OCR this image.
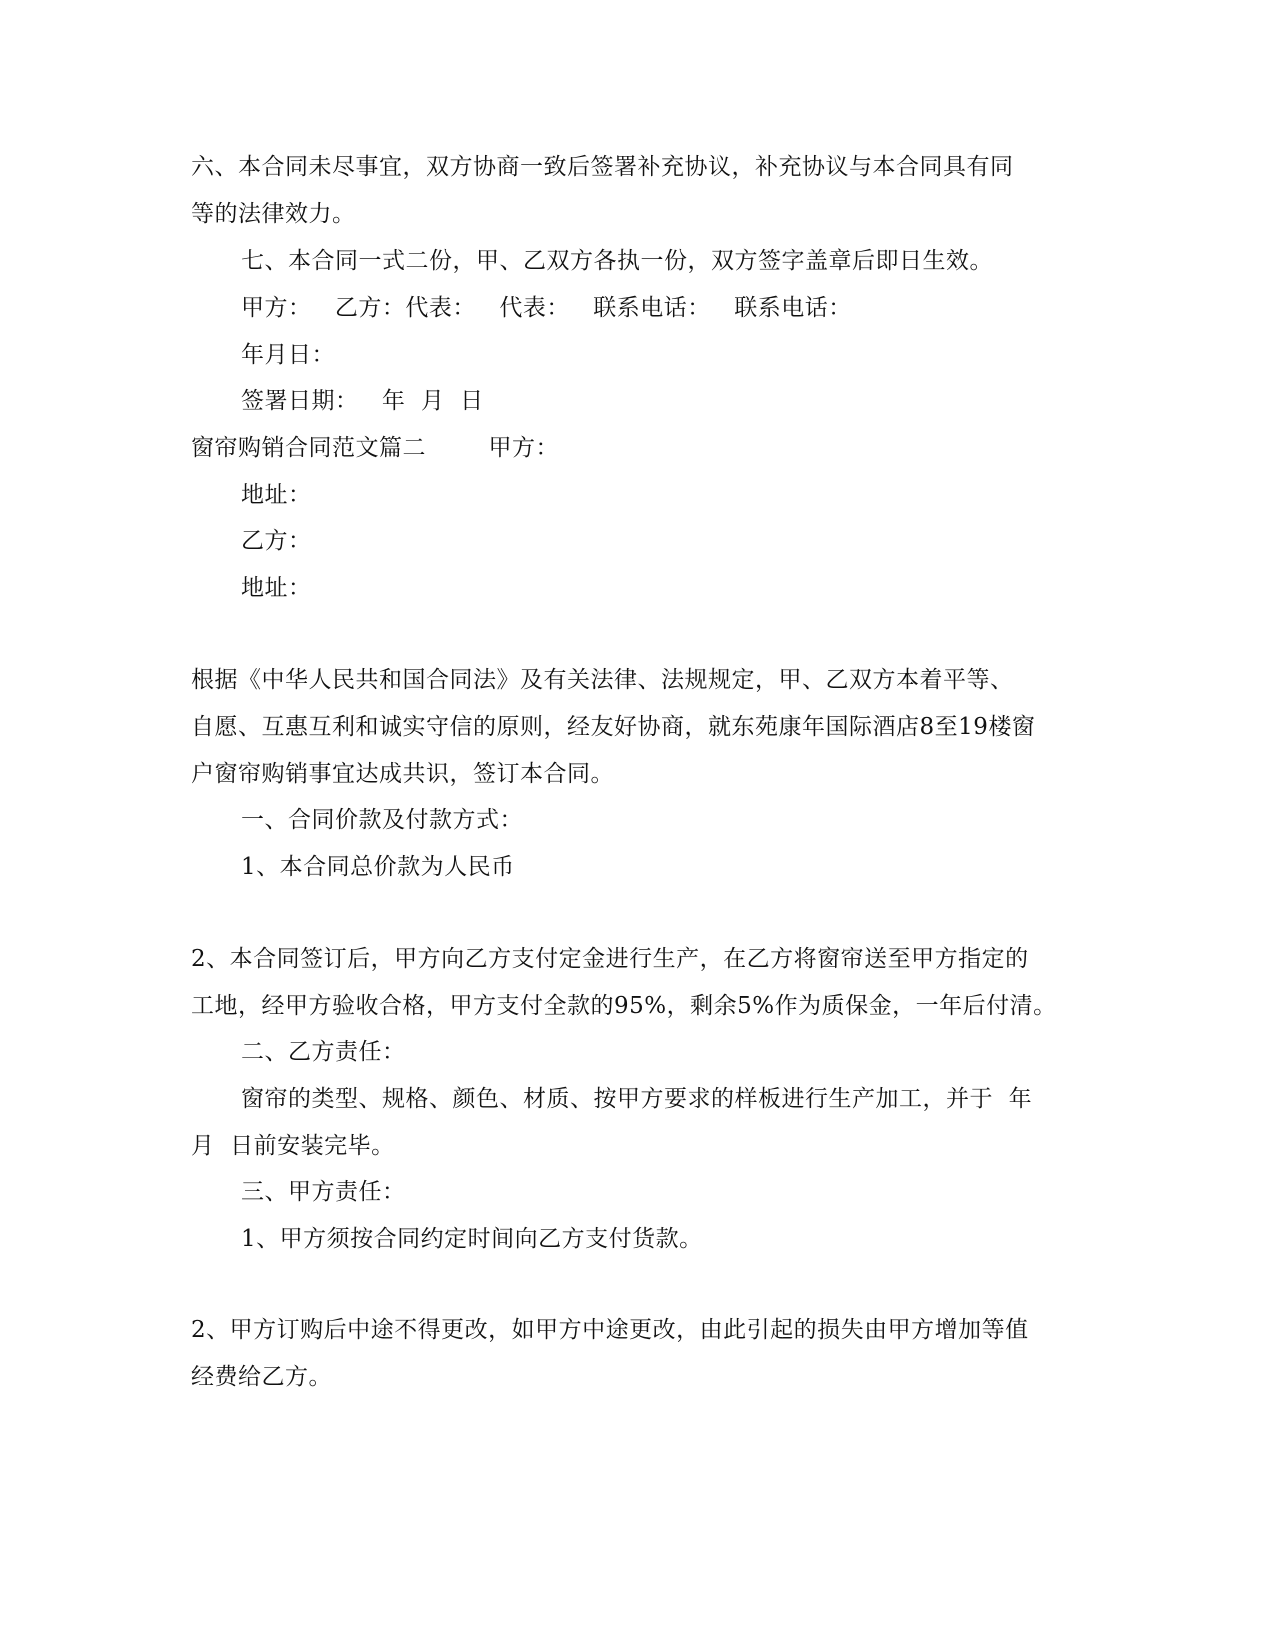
六、本合同未尽事宜，双方协商一致后签署补充协议，补充协议与本合同具有同
等的法律效力。
七、本合同一式二份，甲、乙双方各执一份，双方签字盖章后即日生效。
甲方：   乙方：代表：   代表：   联系电话：   联系电话：
年月日：
签署日期：   年  月  日
窗帘购销合同范文篇二        甲方：
地址：
乙方：
地址：
根据《中华人民共和国合同法》及有关法律、法规规定，甲、乙双方本着平等、
自愿、互惠互利和诚实守信的原则，经友好协商，就东苑康年国际酒店8至19楼窗
户窗帘购销事宜达成共识，签订本合同。
一、合同价款及付款方式：
1、本合同总价款为人民币
2、本合同签订后，甲方向乙方支付定金进行生产，在乙方将窗帘送至甲方指定的
工地，经甲方验收合格，甲方支付全款的95%，剩余5%作为质保金，一年后付清。
二、乙方责任：
窗帘的类型、规格、颜色、材质、按甲方要求的样板进行生产加工，并于  年
月  日前安装完毕。
三、甲方责任：
1、甲方须按合同约定时间向乙方支付货款。
2、甲方订购后中途不得更改，如甲方中途更改，由此引起的损失由甲方增加等值
经费给乙方。
